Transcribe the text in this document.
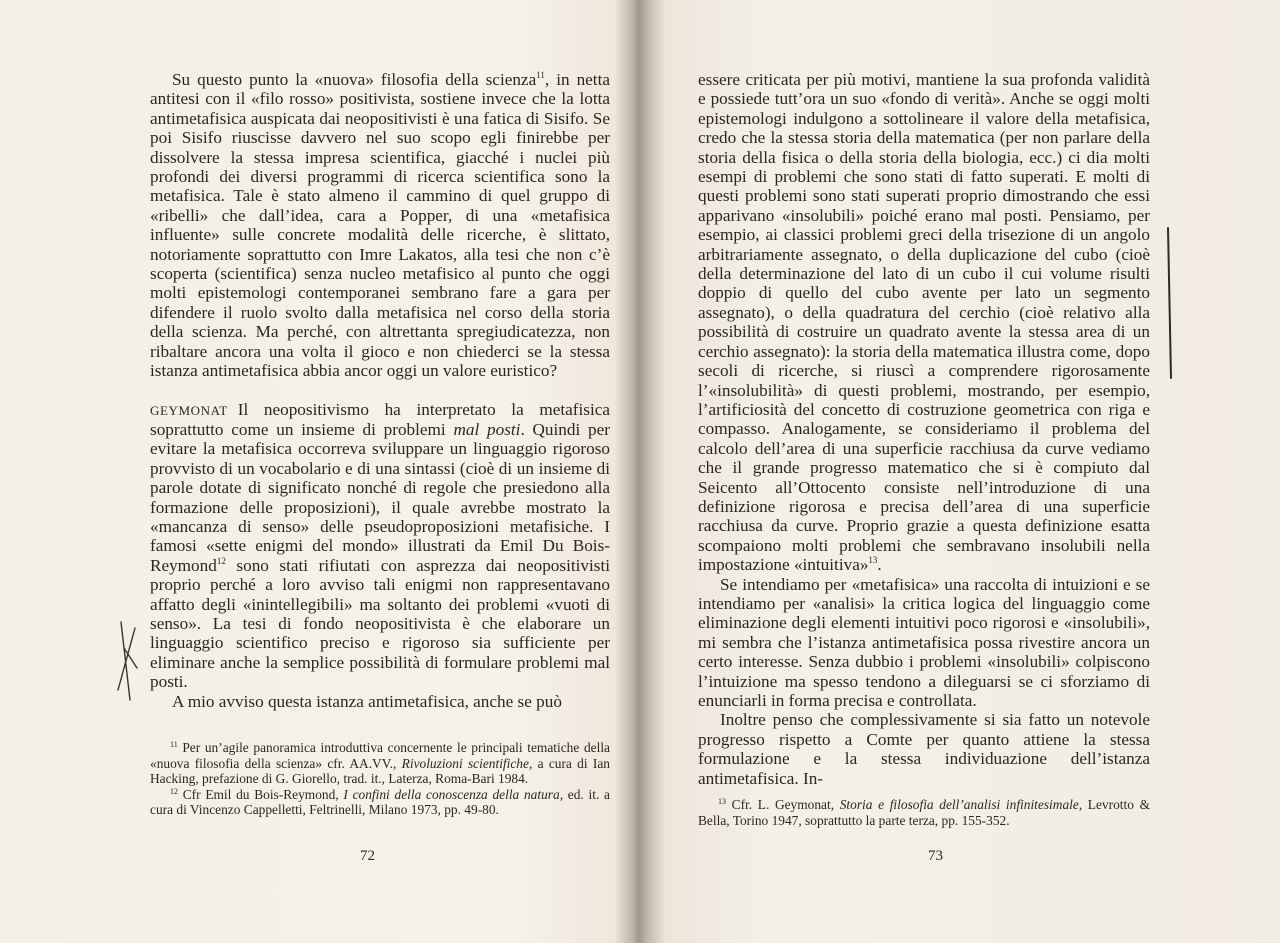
Su questo punto la «nuova» filosofia della scienza$^{11}$, in netta antitesi con il «filo rosso» positivista, sostiene invece che la lotta antimetafisica auspicata dai neopositivisti è una fatica di Sisifo. Se poi Sisifo riuscisse davvero nel suo scopo egli finirebbe per dissolvere la stessa impresa scientifica, giacché i nuclei più profondi dei diversi programmi di ricerca scientifica sono la metafisica. Tale è stato almeno il cammino di quel gruppo di «ribelli» che dall’idea, cara a Popper, di una «metafisica influente» sulle concrete modalità delle ricerche, è slittato, notoriamente soprattutto con Imre Lakatos, alla tesi che non c’è scoperta (scientifica) senza nucleo metafisico al punto che oggi molti epistemologi contemporanei sembrano fare a gara per difendere il ruolo svolto dalla metafisica nel corso della storia della scienza. Ma perché, con altrettanta spregiudicatezza, non ribaltare ancora una volta il gioco e non chiederci se la stessa istanza antimetafisica abbia ancor oggi un valore euristico?

GEYMONAT Il neopositivismo ha interpretato la metafisica soprattutto come un insieme di problemi mal posti. Quindi per evitare la metafisica occorreva sviluppare un linguaggio rigoroso provvisto di un vocabolario e di una sintassi (cioè di un insieme di parole dotate di significato nonché di regole che presiedono alla formazione delle proposizioni), il quale avrebbe mostrato la «mancanza di senso» delle pseudoproposizioni metafisiche. I famosi «sette enigmi del mondo» illustrati da Emil Du Bois-Reymond$^{12}$ sono stati rifiutati con asprezza dai neopositivisti proprio perché a loro avviso tali enigmi non rappresentavano affatto degli «inintellegibili» ma soltanto dei problemi «vuoti di senso». La tesi di fondo neopositivista è che elaborare un linguaggio scientifico preciso e rigoroso sia sufficiente per eliminare anche la semplice possibilità di formulare problemi mal posti.

A mio avviso questa istanza antimetafisica, anche se può

$^{11}$ Per un’agile panoramica introduttiva concernente le principali tematiche della «nuova filosofia della scienza» cfr. AA.VV., Rivoluzioni scientifiche, a cura di Ian Hacking, prefazione di G. Giorello, trad. it., Laterza, Roma-Bari 1984.

$^{12}$ Cfr Emil du Bois-Reymond, I confini della conoscenza della natura, ed. it. a cura di Vincenzo Cappelletti, Feltrinelli, Milano 1973, pp. 49-80.

72

essere criticata per più motivi, mantiene la sua profonda validità e possiede tutt’ora un suo «fondo di verità». Anche se oggi molti epistemologi indulgono a sottolineare il valore della metafisica, credo che la stessa storia della matematica (per non parlare della storia della fisica o della storia della biologia, ecc.) ci dia molti esempi di problemi che sono stati di fatto superati. E molti di questi problemi sono stati superati proprio dimostrando che essi apparivano «insolubili» poiché erano mal posti. Pensiamo, per esempio, ai classici problemi greci della trisezione di un angolo arbitrariamente assegnato, o della duplicazione del cubo (cioè della determinazione del lato di un cubo il cui volume risulti doppio di quello del cubo avente per lato un segmento assegnato), o della quadratura del cerchio (cioè relativo alla possibilità di costruire un quadrato avente la stessa area di un cerchio assegnato): la storia della matematica illustra come, dopo secoli di ricerche, si riuscì a comprendere rigorosamente l’«insolubilità» di questi problemi, mostrando, per esempio, l’artificiosità del concetto di costruzione geometrica con riga e compasso. Analogamente, se consideriamo il problema del calcolo dell’area di una superficie racchiusa da curve vediamo che il grande progresso matematico che si è compiuto dal Seicento all’Ottocento consiste nell’introduzione di una definizione rigorosa e precisa dell’area di una superficie racchiusa da curve. Proprio grazie a questa definizione esatta scompaiono molti problemi che sembravano insolubili nella impostazione «intuitiva»$^{13}$.

Se intendiamo per «metafisica» una raccolta di intuizioni e se intendiamo per «analisi» la critica logica del linguaggio come eliminazione degli elementi intuitivi poco rigorosi e «insolubili», mi sembra che l’istanza antimetafisica possa rivestire ancora un certo interesse. Senza dubbio i problemi «insolubili» colpiscono l’intuizione ma spesso tendono a dileguarsi se ci sforziamo di enunciarli in forma precisa e controllata.

Inoltre penso che complessivamente si sia fatto un notevole progresso rispetto a Comte per quanto attiene la stessa formulazione e la stessa individuazione dell’istanza antimetafisica. In-

$^{13}$ Cfr. L. Geymonat, Storia e filosofia dell’analisi infinitesimale, Levrotto & Bella, Torino 1947, soprattutto la parte terza, pp. 155-352.

73
